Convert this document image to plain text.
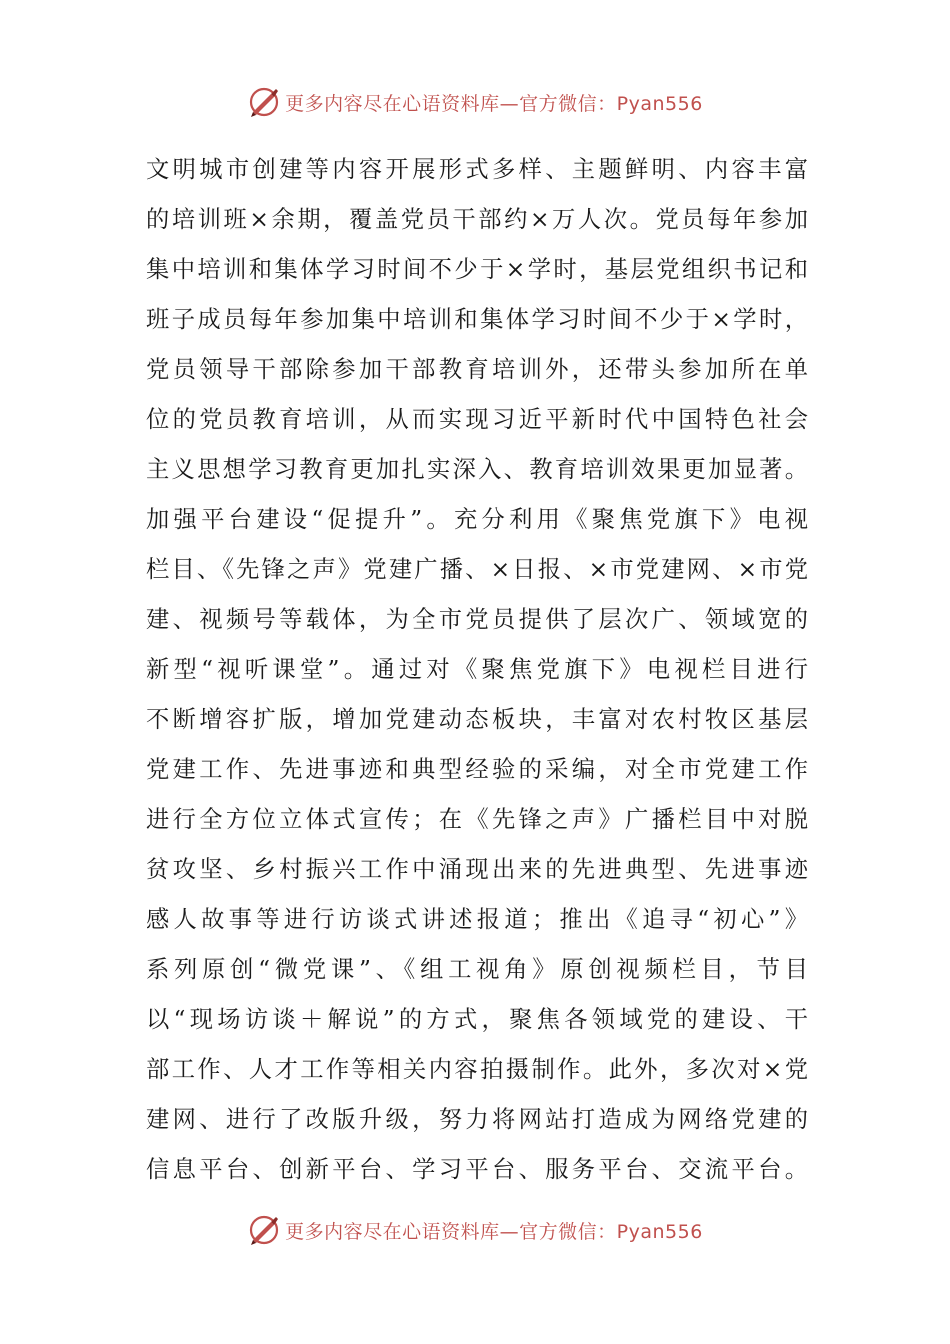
更多内容尽在心语资料库—官方微信：Pyan556
文明城市创建等内容开展形式多样、主题鲜明、内容丰富
的培训班×余期，覆盖党员干部约×万人次。党员每年参加
集中培训和集体学习时间不少于×学时，基层党组织书记和
班子成员每年参加集中培训和集体学习时间不少于×学时，
党员领导干部除参加干部教育培训外，还带头参加所在单
位的党员教育培训，从而实现习近平新时代中国特色社会
主义思想学习教育更加扎实深入、教育培训效果更加显著。
加强平台建设“促提升”。充分利用《聚焦党旗下》电视
栏目、《先锋之声》党建广播、×日报、×市党建网、×市党
建、视频号等载体，为全市党员提供了层次广、领域宽的
新型“视听课堂”。通过对《聚焦党旗下》电视栏目进行
不断增容扩版，增加党建动态板块，丰富对农村牧区基层
党建工作、先进事迹和典型经验的采编，对全市党建工作
进行全方位立体式宣传；在《先锋之声》广播栏目中对脱
贫攻坚、乡村振兴工作中涌现出来的先进典型、先进事迹
感人故事等进行访谈式讲述报道；推出《追寻“初心”》
系列原创“微党课”、《组工视角》原创视频栏目，节目
以“现场访谈＋解说”的方式，聚焦各领域党的建设、干
部工作、人才工作等相关内容拍摄制作。此外，多次对×党
建网、进行了改版升级，努力将网站打造成为网络党建的
信息平台、创新平台、学习平台、服务平台、交流平台。
更多内容尽在心语资料库—官方微信：Pyan556
